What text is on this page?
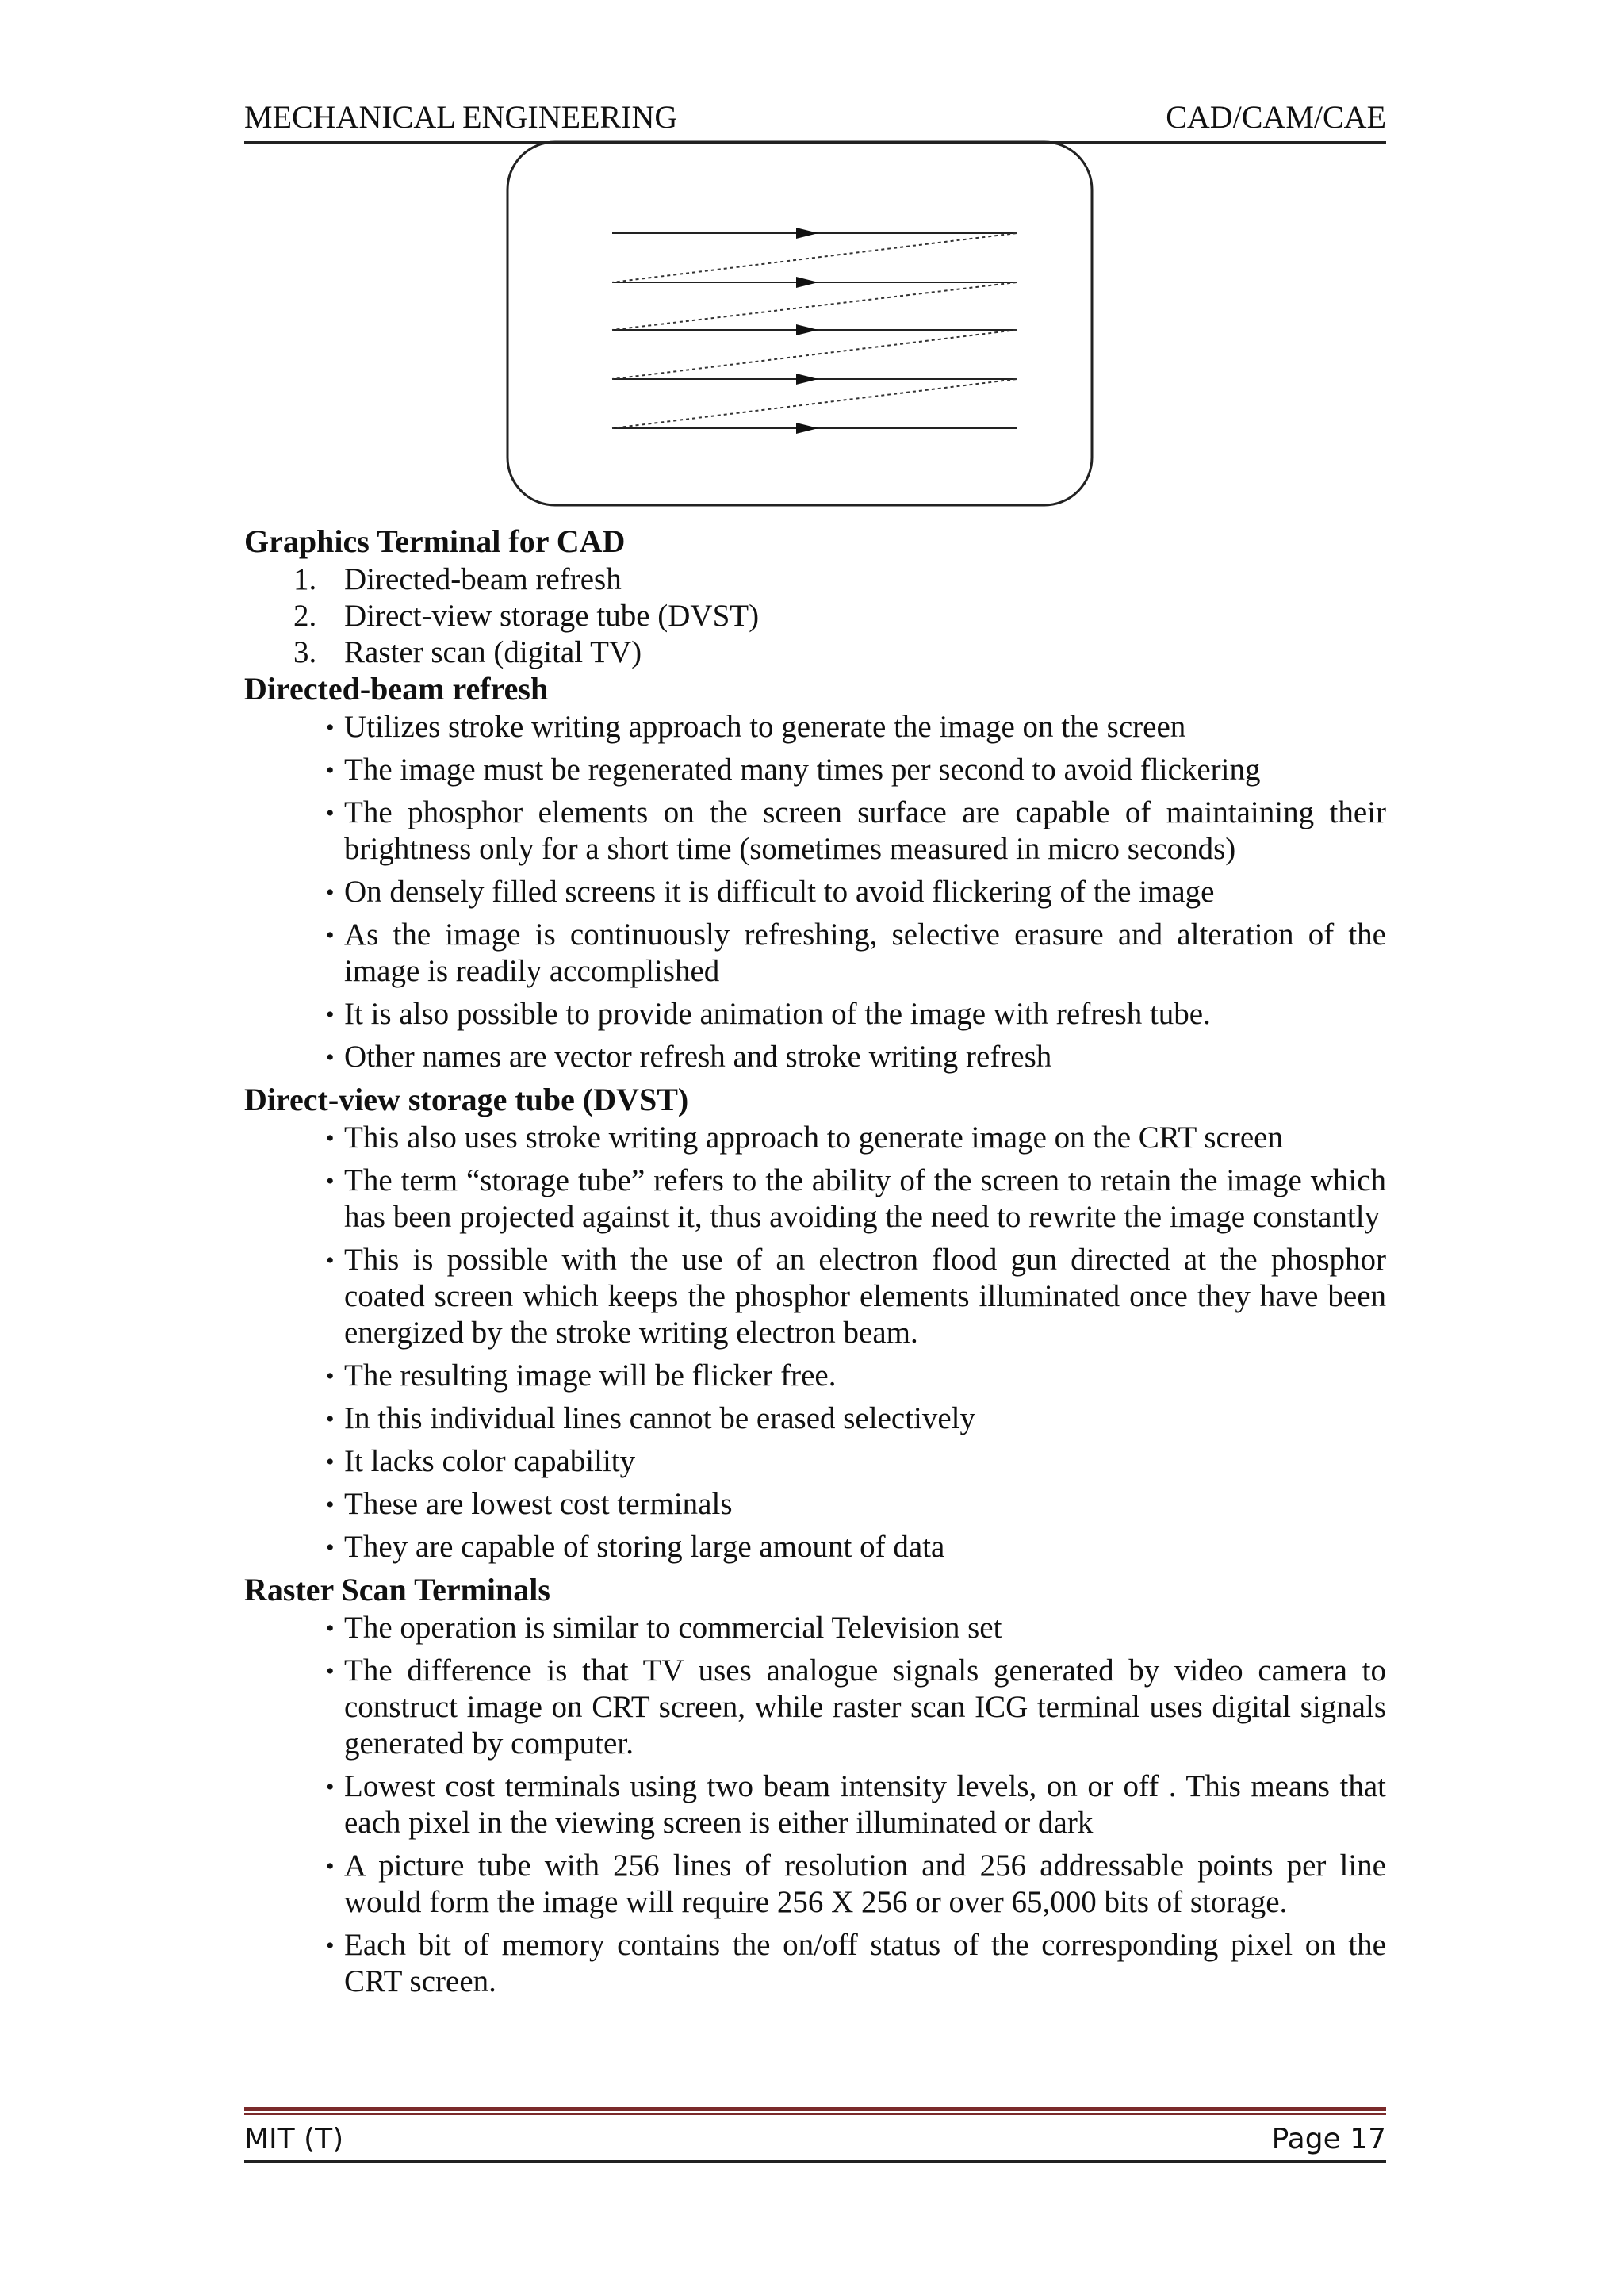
MECHANICAL ENGINEERING	CAD/CAM/CAE
Graphics Terminal for CAD
1. Directed-beam refresh
2. Direct-view storage tube (DVST)
3. Raster scan (digital TV)
Directed-beam refresh
• Utilizes stroke writing approach to generate the image on the screen
• The image must be regenerated many times per second to avoid flickering
• The phosphor elements on the screen surface are capable of maintaining their brightness only for a short time (sometimes measured in micro seconds)
• On densely filled screens it is difficult to avoid flickering of the image
• As the image is continuously refreshing, selective erasure and alteration of the image is readily accomplished
• It is also possible to provide animation of the image with refresh tube.
• Other names are vector refresh and stroke writing refresh
Direct-view storage tube (DVST)
• This also uses stroke writing approach to generate image on the CRT screen
• The term “storage tube” refers to the ability of the screen to retain the image which has been projected against it, thus avoiding the need to rewrite the image constantly
• This is possible with the use of an electron flood gun directed at the phosphor coated screen which keeps the phosphor elements illuminated once they have been energized by the stroke writing electron beam.
• The resulting image will be flicker free.
• In this individual lines cannot be erased selectively
• It lacks color capability
• These are lowest cost terminals
• They are capable of storing large amount of data
Raster Scan Terminals
• The operation is similar to commercial Television set
• The difference is that TV uses analogue signals generated by video camera to construct image on CRT screen, while raster scan ICG terminal uses digital signals generated by computer.
• Lowest cost terminals using two beam intensity levels, on or off . This means that each pixel in the viewing screen is either illuminated or dark
• A picture tube with 256 lines of resolution and 256 addressable points per line would form the image will require 256 X 256 or over 65,000 bits of storage.
• Each bit of memory contains the on/off status of the corresponding pixel on the CRT screen.
MIT (T)	Page 17
